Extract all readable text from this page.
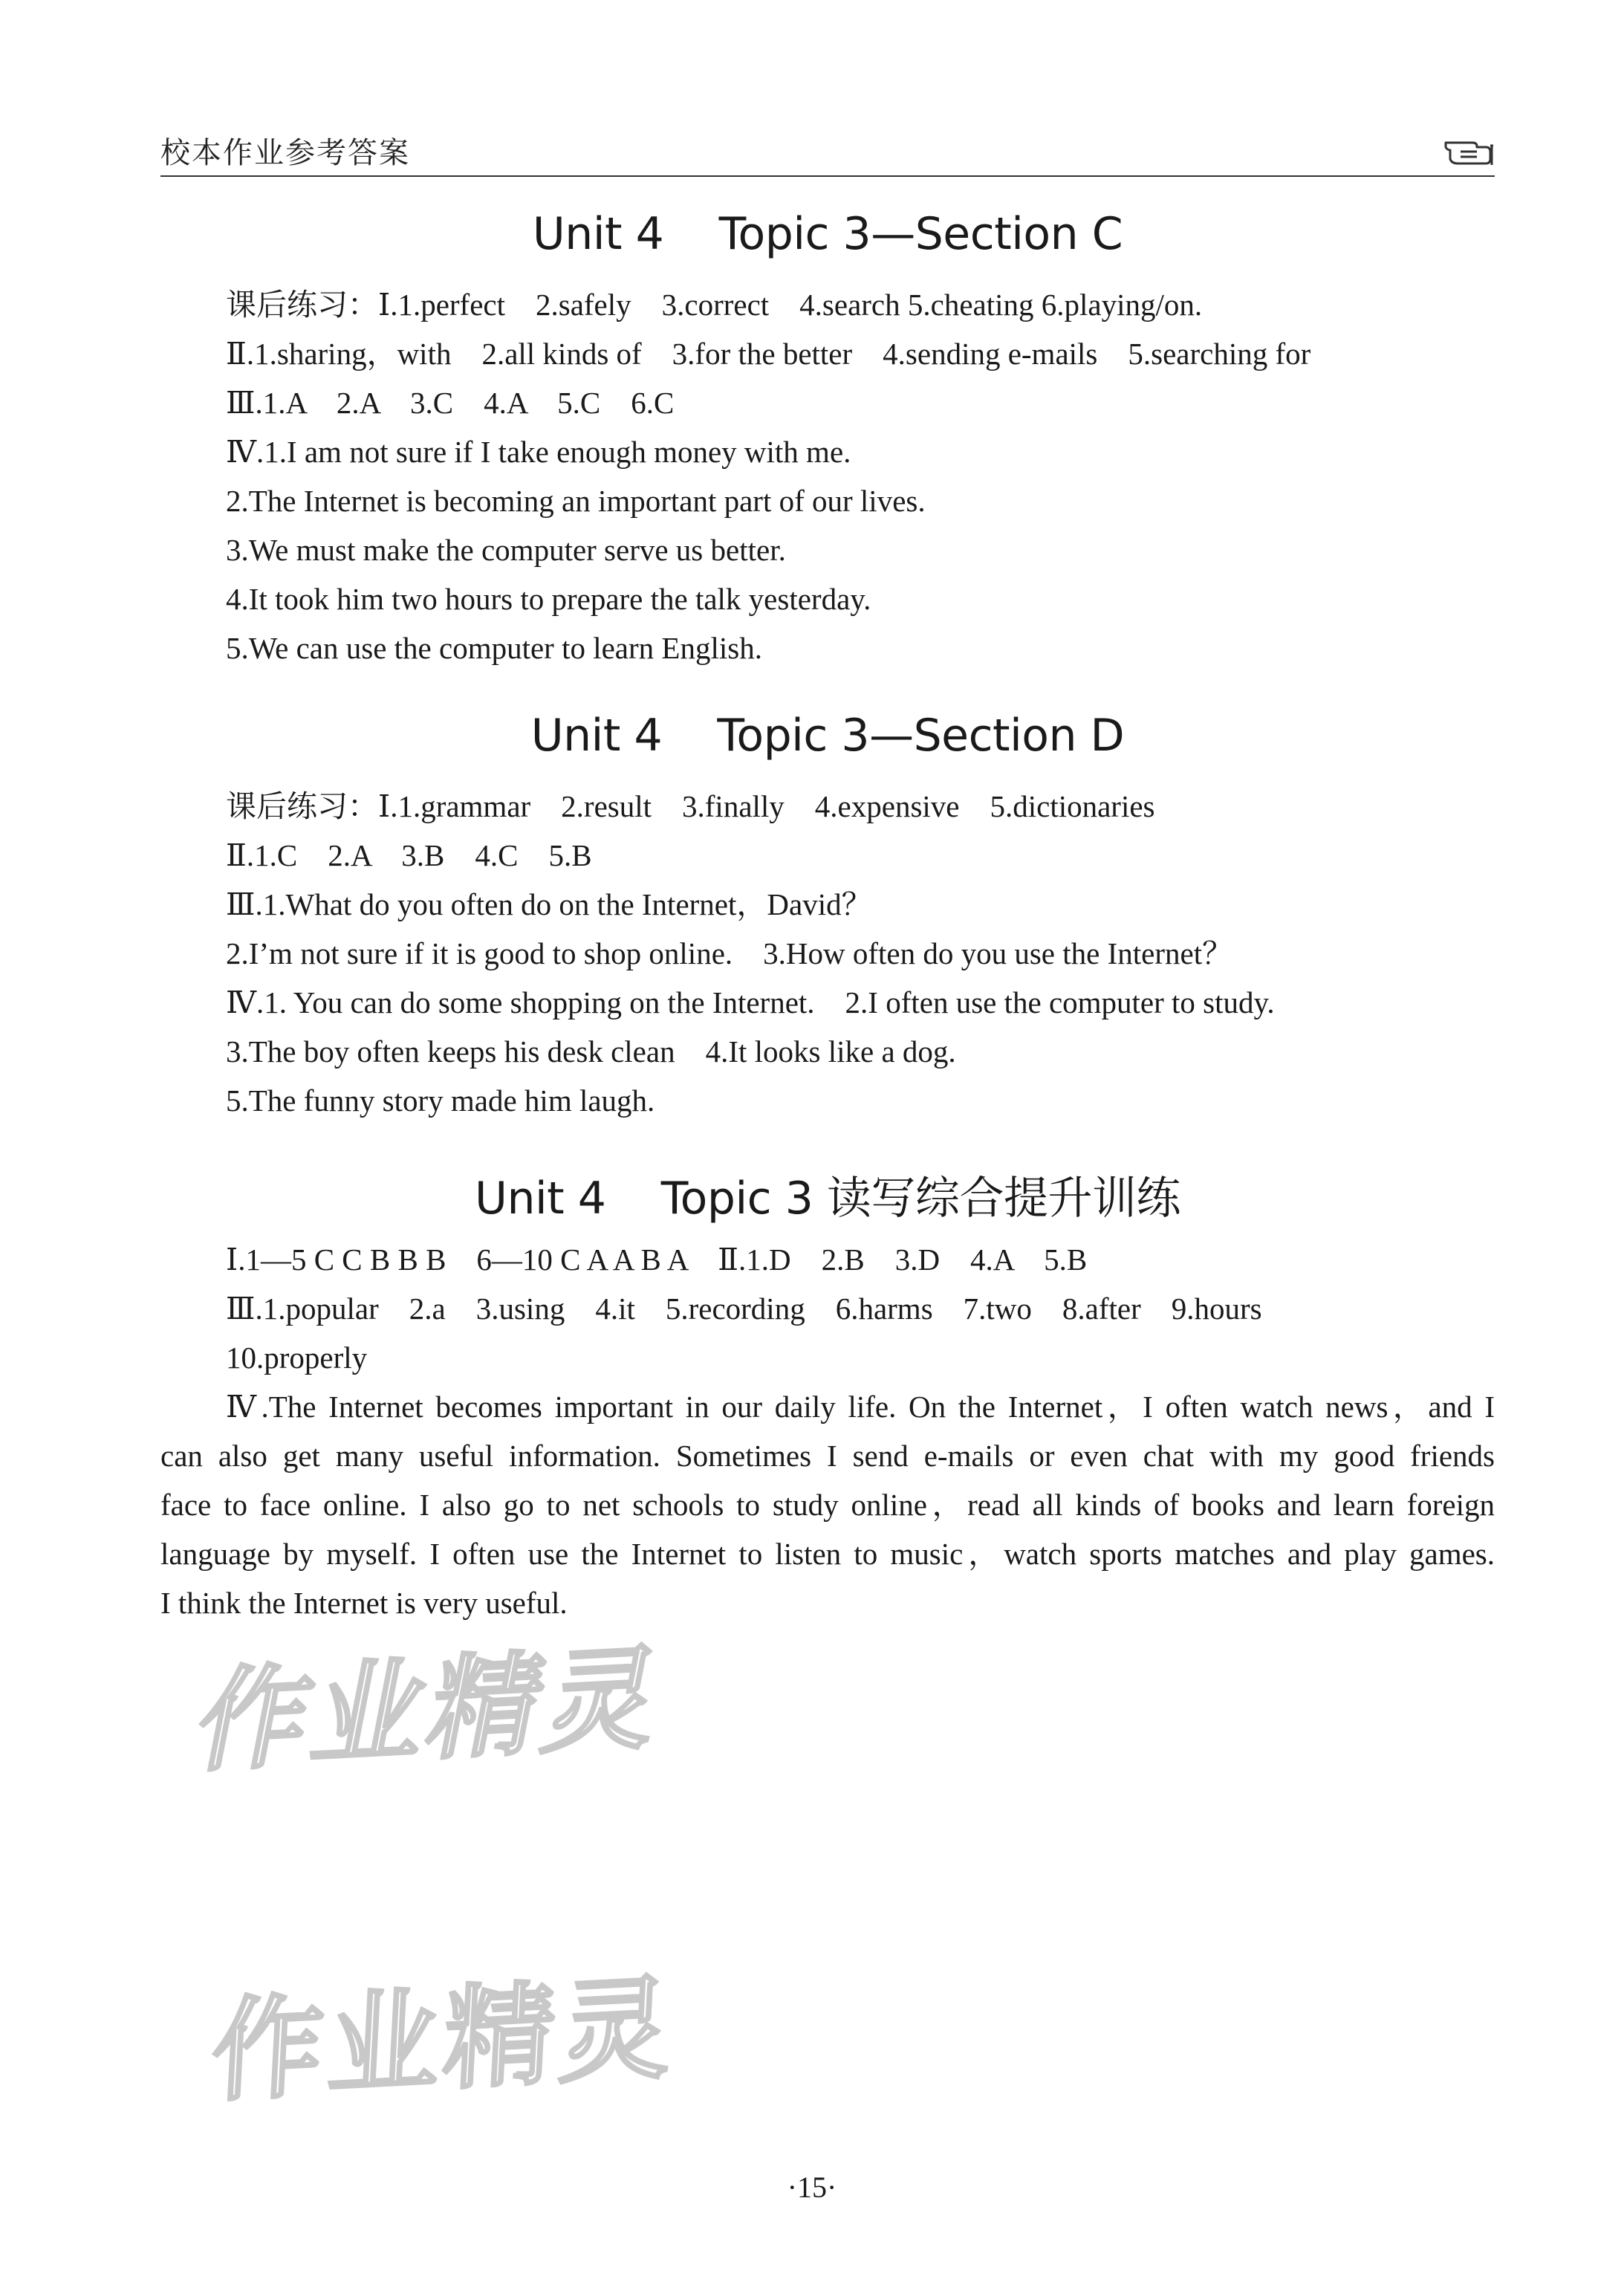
校本作业参考答案
Unit 4    Topic 3—Section C
课后练习：Ⅰ.1.perfect    2.safely    3.correct    4.search 5.cheating 6.playing/on.
Ⅱ.1.sharing，with    2.all kinds of    3.for the better    4.sending e-mails    5.searching for
Ⅲ.1.A    2.A    3.C    4.A    5.C    6.C
Ⅳ.1.I am not sure if I take enough money with me.
2.The Internet is becoming an important part of our lives.
3.We must make the computer serve us better.
4.It took him two hours to prepare the talk yesterday.
5.We can use the computer to learn English.
Unit 4    Topic 3—Section D
课后练习：Ⅰ.1.grammar    2.result    3.finally    4.expensive    5.dictionaries
Ⅱ.1.C    2.A    3.B    4.C    5.B
Ⅲ.1.What do you often do on the Internet，David？
2.I’m not sure if it is good to shop online.    3.How often do you use the Internet？
Ⅳ.1. You can do some shopping on the Internet.    2.I often use the computer to study.
3.The boy often keeps his desk clean    4.It looks like a dog.
5.The funny story made him laugh.
Unit 4    Topic 3 读写综合提升训练
Ⅰ.1—5 C C B B B    6—10 C A A B A    Ⅱ.1.D    2.B    3.D    4.A    5.B
Ⅲ.1.popular    2.a    3.using    4.it    5.recording    6.harms    7.two    8.after    9.hours
10.properly
Ⅳ.The Internet becomes important in our daily life. On the Internet，I often watch news，and I
can also get many useful information. Sometimes I send e-mails or even chat with my good friends
face to face online. I also go to net schools to study online，read all kinds of books and learn foreign
language by myself. I often use the Internet to listen to music，watch sports matches and play games.
I think the Internet is very useful.
作业精灵
作业精灵
·15·
